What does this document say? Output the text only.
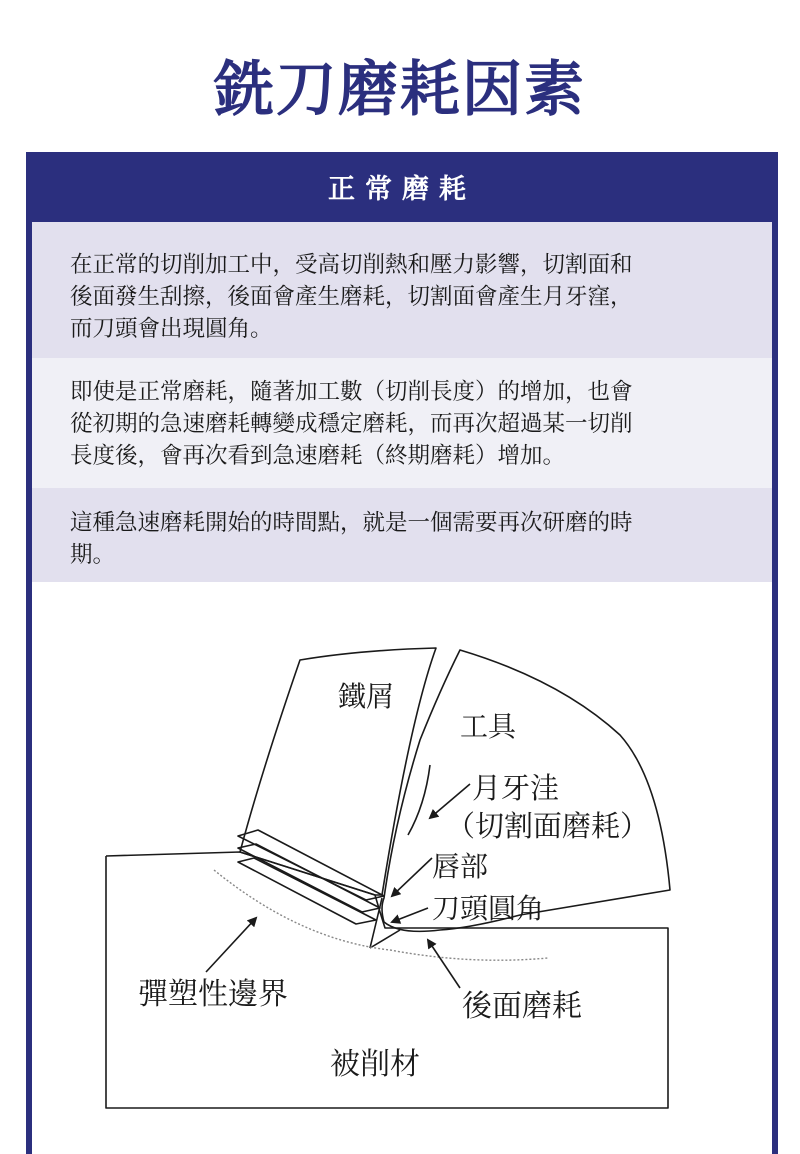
銑刀磨耗因素
正常磨耗
在正常的切削加工中，受高切削熱和壓力影響，切割面和
後面發生刮擦，後面會產生磨耗，切割面會產生月牙窪，
而刀頭會出現圓角。
即使是正常磨耗，隨著加工數（切削長度）的增加，也會
從初期的急速磨耗轉變成穩定磨耗，而再次超過某一切削
長度後，會再次看到急速磨耗（終期磨耗）增加。
這種急速磨耗開始的時間點，就是一個需要再次研磨的時
期。
鐵屑
工具
月牙洼
（切割面磨耗）
唇部
刀頭圓角
彈塑性邊界	後面磨耗
被削材
